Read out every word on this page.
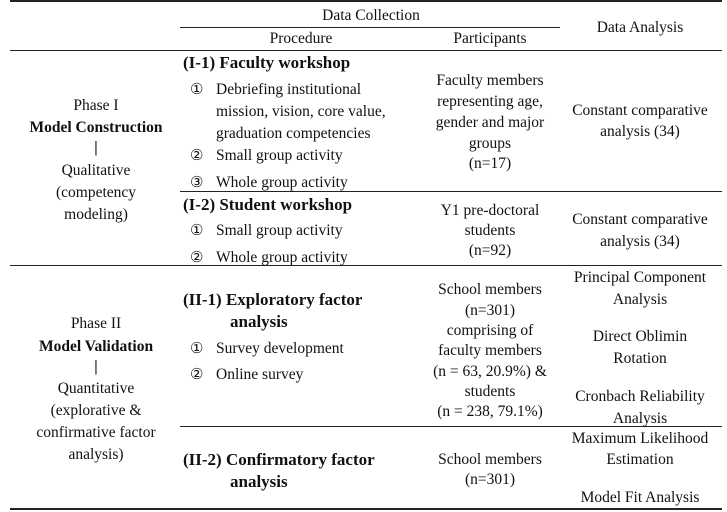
Data Collection
Procedure	Participants
Data Analysis
Phase I
Model Construction
|
Qualitative
(competency
modeling)
(I-1) Faculty workshop
① Debriefing institutional
mission, vision, core value,
graduation competencies
② Small group activity
③ Whole group activity
Faculty members
representing age,
gender and major
groups
(n=17)
Constant comparative
analysis (34)
(I-2) Student workshop
① Small group activity
② Whole group activity
Y1 pre-doctoral
students
(n=92)
Constant comparative
analysis (34)
Phase II
Model Validation
|
Quantitative
(explorative &
confirmative factor
analysis)
(II-1) Exploratory factor
analysis
① Survey development
② Online survey
School members
(n=301)
comprising of
faculty members
(n = 63, 20.9%) &
students
(n = 238, 79.1%)
Principal Component
Analysis
Direct Oblimin
Rotation
Cronbach Reliability
Analysis
(II-2) Confirmatory factor
analysis
School members
(n=301)
Maximum Likelihood
Estimation
Model Fit Analysis
